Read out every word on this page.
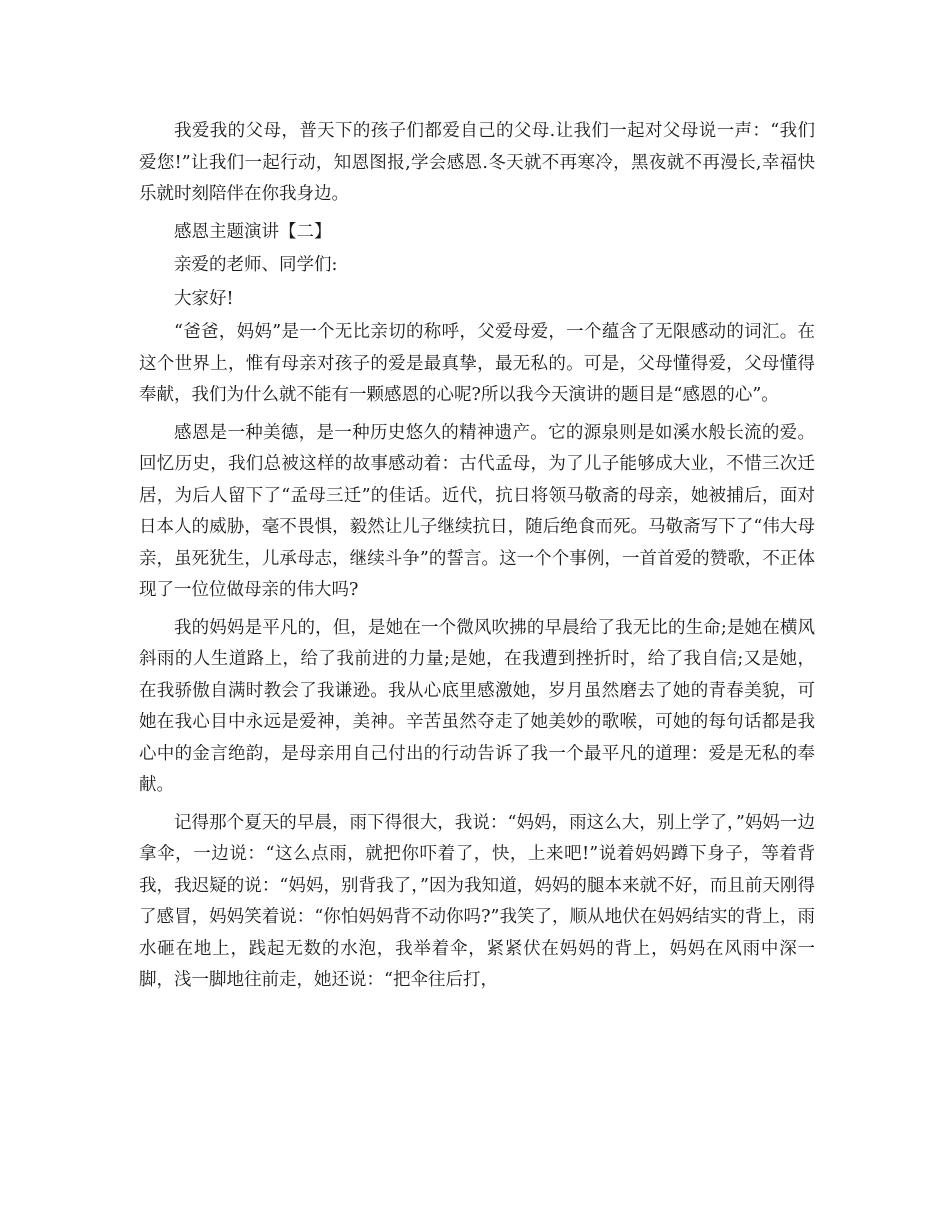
我爱我的父母，普天下的孩子们都爱自己的父母.让我们一起对父母说一声：“我们爱您!”让我们一起行动，知恩图报,学会感恩.冬天就不再寒冷，黑夜就不再漫长,幸福快乐就时刻陪伴在你我身边。

感恩主题演讲【二】

亲爱的老师、同学们:

大家好!

“爸爸，妈妈”是一个无比亲切的称呼，父爱母爱，一个蕴含了无限感动的词汇。在这个世界上，惟有母亲对孩子的爱是最真挚，最无私的。可是，父母懂得爱，父母懂得奉献，我们为什么就不能有一颗感恩的心呢?所以我今天演讲的题目是“感恩的心”。

感恩是一种美德，是一种历史悠久的精神遗产。它的源泉则是如溪水般长流的爱。回忆历史，我们总被这样的故事感动着：古代孟母，为了儿子能够成大业，不惜三次迁居，为后人留下了“孟母三迁”的佳话。近代，抗日将领马敬斋的母亲，她被捕后，面对日本人的威胁，毫不畏惧，毅然让儿子继续抗日，随后绝食而死。马敬斋写下了“伟大母亲，虽死犹生，儿承母志，继续斗争”的誓言。这一个个事例，一首首爱的赞歌，不正体现了一位位做母亲的伟大吗?

我的妈妈是平凡的，但，是她在一个微风吹拂的早晨给了我无比的生命;是她在横风斜雨的人生道路上，给了我前进的力量;是她，在我遭到挫折时，给了我自信;又是她，在我骄傲自满时教会了我谦逊。我从心底里感激她，岁月虽然磨去了她的青春美貌，可她在我心目中永远是爱神，美神。辛苦虽然夺走了她美妙的歌喉，可她的每句话都是我心中的金言绝韵，是母亲用自己付出的行动告诉了我一个最平凡的道理：爱是无私的奉献。

记得那个夏天的早晨，雨下得很大，我说：“妈妈，雨这么大，别上学了，”妈妈一边拿伞，一边说：“这么点雨，就把你吓着了，快，上来吧!”说着妈妈蹲下身子，等着背我，我迟疑的说：“妈妈，别背我了，”因为我知道，妈妈的腿本来就不好，而且前天刚得了感冒，妈妈笑着说：“你怕妈妈背不动你吗?”我笑了，顺从地伏在妈妈结实的背上，雨水砸在地上，践起无数的水泡，我举着伞，紧紧伏在妈妈的背上，妈妈在风雨中深一脚，浅一脚地往前走，她还说：“把伞往后打，
